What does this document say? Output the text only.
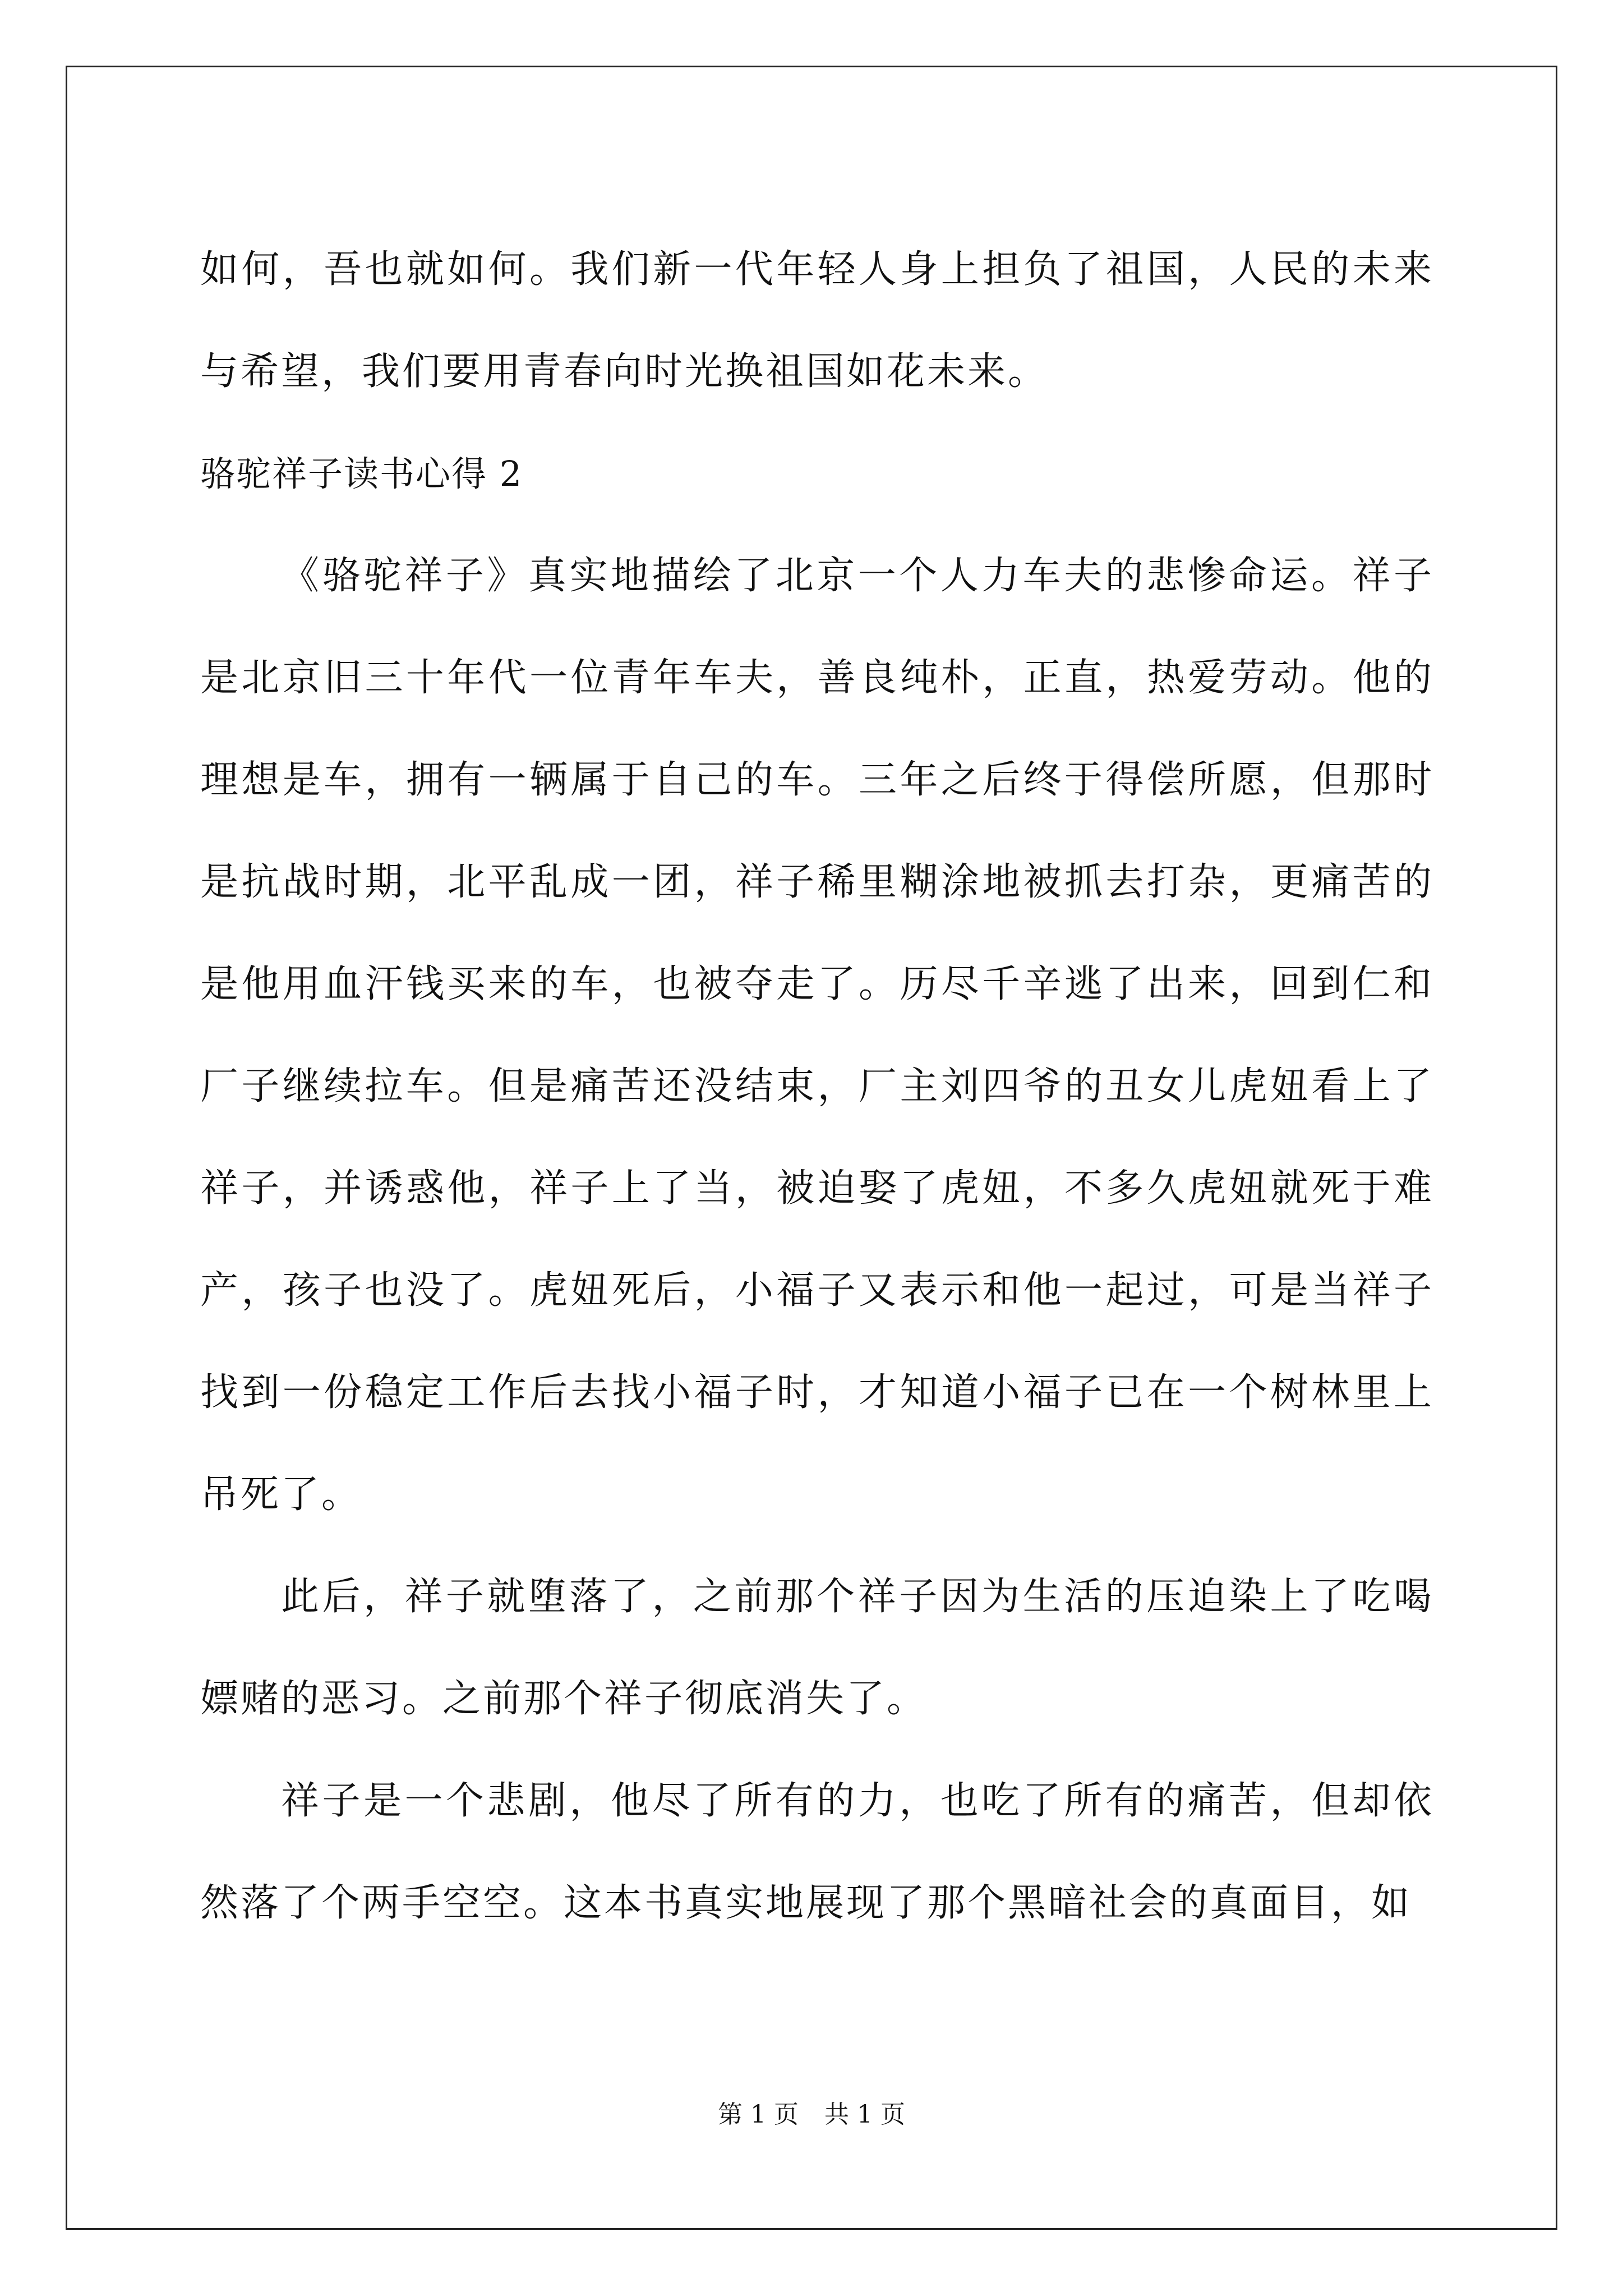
如何，吾也就如何。我们新一代年轻人身上担负了祖国，人民的未来与希望，我们要用青春向时光换祖国如花未来。

骆驼祥子读书心得 2

《骆驼祥子》真实地描绘了北京一个人力车夫的悲惨命运。祥子是北京旧三十年代一位青年车夫，善良纯朴，正直，热爱劳动。他的理想是车，拥有一辆属于自己的车。三年之后终于得偿所愿，但那时是抗战时期，北平乱成一团，祥子稀里糊涂地被抓去打杂，更痛苦的是他用血汗钱买来的车，也被夺走了。历尽千辛逃了出来，回到仁和厂子继续拉车。但是痛苦还没结束，厂主刘四爷的丑女儿虎妞看上了祥子，并诱惑他，祥子上了当，被迫娶了虎妞，不多久虎妞就死于难产，孩子也没了。虎妞死后，小福子又表示和他一起过，可是当祥子找到一份稳定工作后去找小福子时，才知道小福子已在一个树林里上吊死了。

此后，祥子就堕落了，之前那个祥子因为生活的压迫染上了吃喝嫖赌的恶习。之前那个祥子彻底消失了。

祥子是一个悲剧，他尽了所有的力，也吃了所有的痛苦，但却依然落了个两手空空。这本书真实地展现了那个黑暗社会的真面目，如

第 1 页 共 1 页
